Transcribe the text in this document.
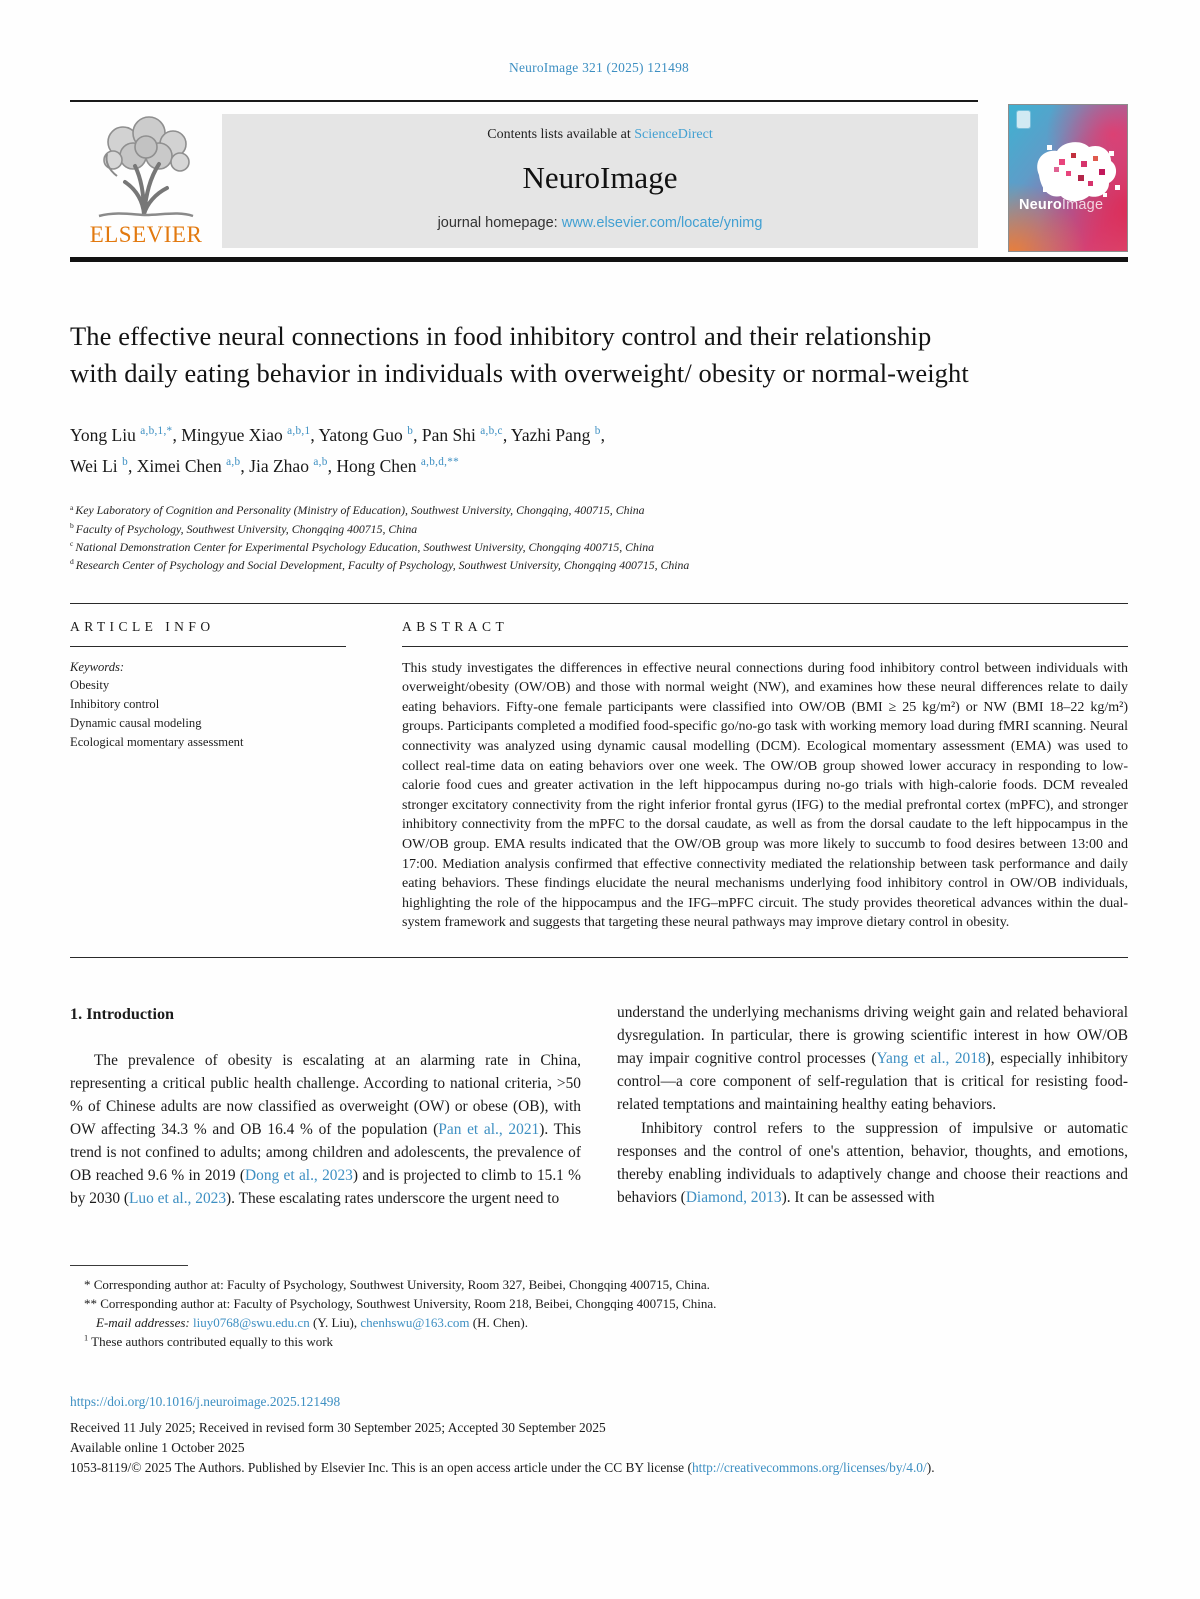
NeuroImage 321 (2025) 121498
ELSEVIER
Contents lists available at ScienceDirect
NeuroImage
journal homepage: www.elsevier.com/locate/ynimg
NeuroImage
The effective neural connections in food inhibitory control and their relationship with daily eating behavior in individuals with overweight/ obesity or normal-weight
Yong Liu $^{a,b,1,*}$, Mingyue Xiao $^{a,b,1}$, Yatong Guo $^b$, Pan Shi $^{a,b,c}$, Yazhi Pang $^b$,
Wei Li $^b$, Ximei Chen $^{a,b}$, Jia Zhao $^{a,b}$, Hong Chen $^{a,b,d,**}$
$^a$ Key Laboratory of Cognition and Personality (Ministry of Education), Southwest University, Chongqing, 400715, China
$^b$ Faculty of Psychology, Southwest University, Chongqing 400715, China
$^c$ National Demonstration Center for Experimental Psychology Education, Southwest University, Chongqing 400715, China
$^d$ Research Center of Psychology and Social Development, Faculty of Psychology, Southwest University, Chongqing 400715, China
ARTICLE INFO
Keywords:
Obesity
Inhibitory control
Dynamic causal modeling
Ecological momentary assessment
ABSTRACT
This study investigates the differences in effective neural connections during food inhibitory control between individuals with overweight/obesity (OW/OB) and those with normal weight (NW), and examines how these neural differences relate to daily eating behaviors. Fifty-one female participants were classified into OW/OB (BMI ≥ 25 kg/m²) or NW (BMI 18–22 kg/m²) groups. Participants completed a modified food-specific go/no-go task with working memory load during fMRI scanning. Neural connectivity was analyzed using dynamic causal modelling (DCM). Ecological momentary assessment (EMA) was used to collect real-time data on eating behaviors over one week. The OW/OB group showed lower accuracy in responding to low-calorie food cues and greater activation in the left hippocampus during no-go trials with high-calorie foods. DCM revealed stronger excitatory connectivity from the right inferior frontal gyrus (IFG) to the medial prefrontal cortex (mPFC), and stronger inhibitory connectivity from the mPFC to the dorsal caudate, as well as from the dorsal caudate to the left hippocampus in the OW/OB group. EMA results indicated that the OW/OB group was more likely to succumb to food desires between 13:00 and 17:00. Mediation analysis confirmed that effective connectivity mediated the relationship between task performance and daily eating behaviors. These findings elucidate the neural mechanisms underlying food inhibitory control in OW/OB individuals, highlighting the role of the hippocampus and the IFG–mPFC circuit. The study provides theoretical advances within the dual-system framework and suggests that targeting these neural pathways may improve dietary control in obesity.
1. Introduction

The prevalence of obesity is escalating at an alarming rate in China, representing a critical public health challenge. According to national criteria, >50 % of Chinese adults are now classified as overweight (OW) or obese (OB), with OW affecting 34.3 % and OB 16.4 % of the population (Pan et al., 2021). This trend is not confined to adults; among children and adolescents, the prevalence of OB reached 9.6 % in 2019 (Dong et al., 2023) and is projected to climb to 15.1 % by 2030 (Luo et al., 2023). These escalating rates underscore the urgent need to

understand the underlying mechanisms driving weight gain and related behavioral dysregulation. In particular, there is growing scientific interest in how OW/OB may impair cognitive control processes (Yang et al., 2018), especially inhibitory control—a core component of self-regulation that is critical for resisting food-related temptations and maintaining healthy eating behaviors.

Inhibitory control refers to the suppression of impulsive or automatic responses and the control of one's attention, behavior, thoughts, and emotions, thereby enabling individuals to adaptively change and choose their reactions and behaviors (Diamond, 2013). It can be assessed with

* Corresponding author at: Faculty of Psychology, Southwest University, Room 327, Beibei, Chongqing 400715, China.
** Corresponding author at: Faculty of Psychology, Southwest University, Room 218, Beibei, Chongqing 400715, China.
E-mail addresses: liuy0768@swu.edu.cn (Y. Liu), chenhswu@163.com (H. Chen).
$^1$ These authors contributed equally to this work
https://doi.org/10.1016/j.neuroimage.2025.121498
Received 11 July 2025; Received in revised form 30 September 2025; Accepted 30 September 2025
Available online 1 October 2025
1053-8119/© 2025 The Authors. Published by Elsevier Inc. This is an open access article under the CC BY license (http://creativecommons.org/licenses/by/4.0/).
